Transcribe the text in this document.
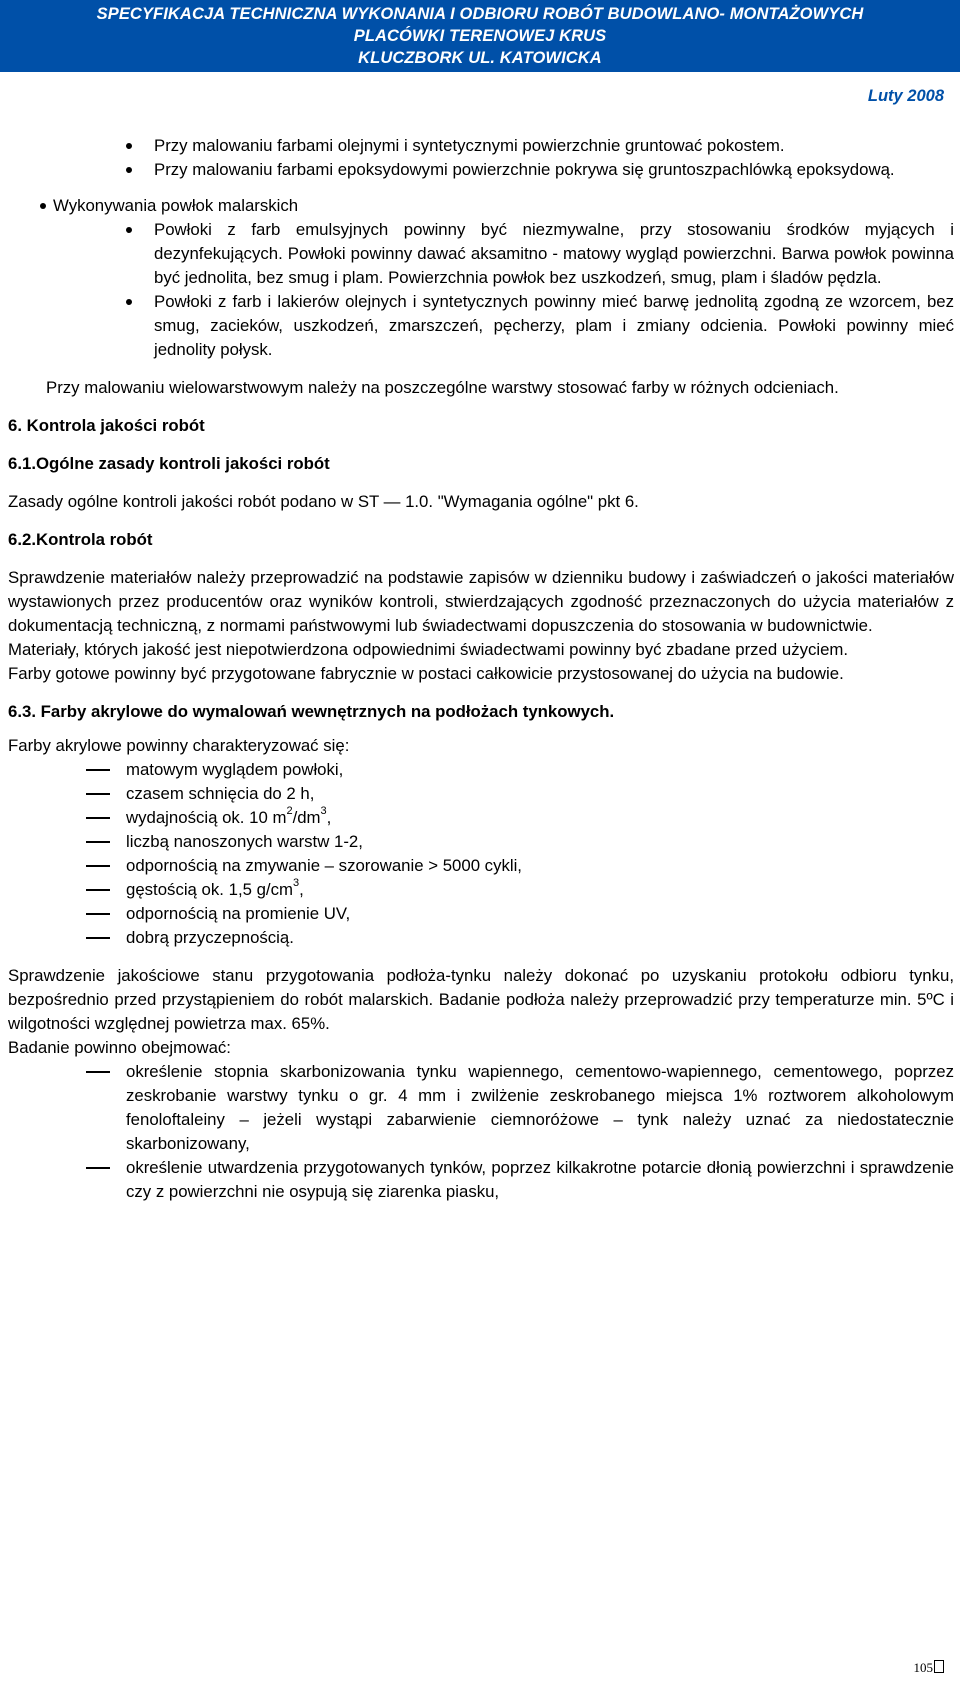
SPECYFIKACJA TECHNICZNA WYKONANIA I ODBIORU ROBÓT BUDOWLANO- MONTAŻOWYCH
PLACÓWKI TERENOWEJ KRUS
KLUCZBORK UL. KATOWICKA
Luty 2008
Przy malowaniu farbami olejnymi i syntetycznymi powierzchnie gruntować pokostem.
Przy malowaniu farbami epoksydowymi powierzchnie pokrywa się gruntoszpachlówką epoksydową.
Wykonywania powłok malarskich
Powłoki z farb emulsyjnych powinny być niezmywalne, przy stosowaniu środków myjących i dezynfekujących. Powłoki powinny dawać aksamitno - matowy wygląd powierzchni. Barwa powłok powinna być jednolita, bez smug i plam. Powierzchnia powłok bez uszkodzeń, smug, plam i śladów pędzla.
Powłoki z farb i lakierów olejnych i syntetycznych powinny mieć barwę jednolitą zgodną ze wzorcem, bez smug, zacieków, uszkodzeń, zmarszczeń, pęcherzy, plam i zmiany odcienia. Powłoki powinny mieć jednolity połysk.
Przy malowaniu wielowarstwowym należy na poszczególne warstwy stosować farby w różnych odcieniach.
6. Kontrola jakości robót
6.1.Ogólne zasady kontroli jakości robót
Zasady ogólne kontroli jakości robót podano w ST — 1.0. "Wymagania ogólne" pkt 6.
6.2.Kontrola robót
Sprawdzenie materiałów należy przeprowadzić na podstawie zapisów w dzienniku budowy i zaświadczeń o jakości materiałów wystawionych przez producentów oraz wyników kontroli, stwierdzających zgodność przeznaczonych do użycia materiałów z dokumentacją techniczną, z normami państwowymi lub świadectwami dopuszczenia do stosowania w budownictwie.
Materiały, których jakość jest niepotwierdzona odpowiednimi świadectwami powinny być zbadane przed użyciem.
Farby gotowe powinny być przygotowane fabrycznie w postaci całkowicie przystosowanej do użycia na budowie.
6.3. Farby akrylowe do wymalowań wewnętrznych na podłożach tynkowych.
Farby akrylowe powinny charakteryzować się:
matowym wyglądem powłoki,
czasem schnięcia do 2 h,
wydajnością ok. 10 $m^2/dm^3$,
liczbą nanoszonych warstw 1-2,
odpornością na zmywanie – szorowanie > 5000 cykli,
gęstością ok. 1,5 $g/cm^3$,
odpornością na promienie UV,
dobrą przyczepnością.
Sprawdzenie jakościowe stanu przygotowania podłoża-tynku należy dokonać po uzyskaniu protokołu odbioru tynku, bezpośrednio przed przystąpieniem do robót malarskich. Badanie podłoża należy przeprowadzić przy temperaturze min. 5ºC i wilgotności względnej powietrza max. 65%.
Badanie powinno obejmować:
określenie stopnia skarbonizowania tynku wapiennego, cementowo-wapiennego, cementowego, poprzez zeskrobanie warstwy tynku o gr. 4 mm i zwilżenie zeskrobanego miejsca 1% roztworem alkoholowym fenoloftaleiny – jeżeli wystąpi zabarwienie ciemnoróżowe – tynk należy uznać za niedostatecznie skarbonizowany,
określenie utwardzenia przygotowanych tynków, poprzez kilkakrotne potarcie dłonią powierzchni i sprawdzenie czy z powierzchni nie osypują się ziarenka piasku,
105
